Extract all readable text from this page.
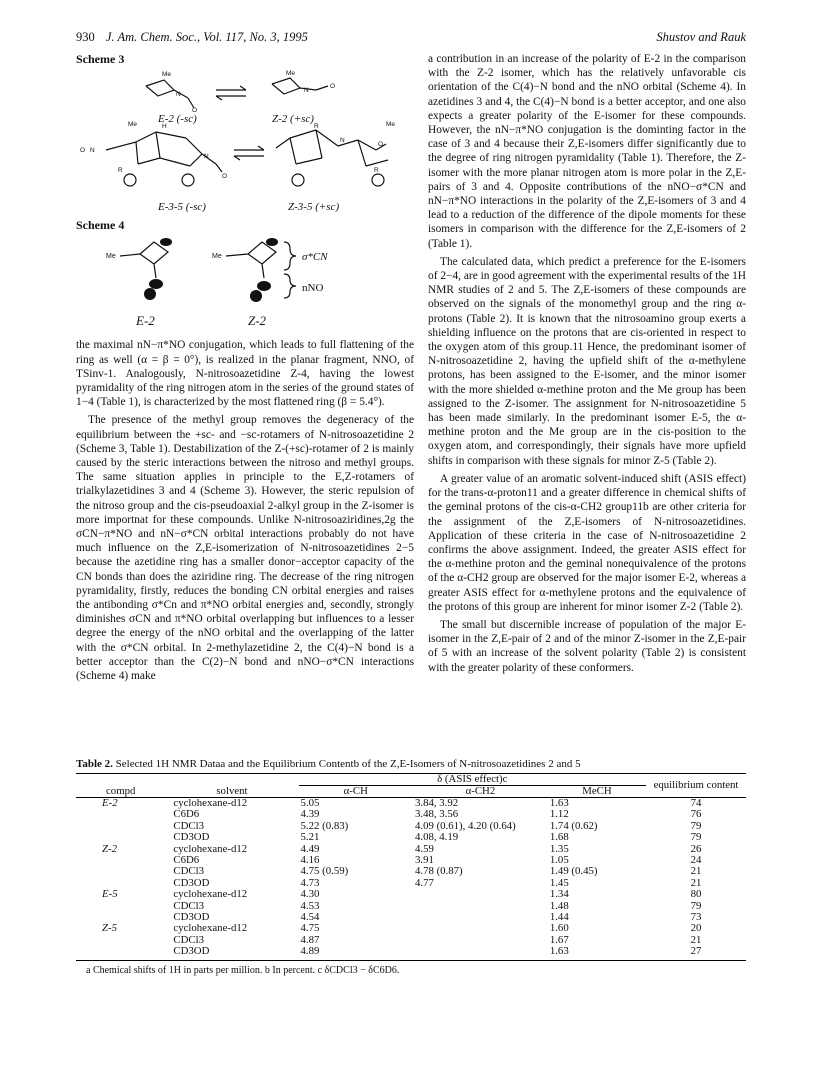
930 J. Am. Chem. Soc., Vol. 117, No. 3, 1995	Shustov and Rauk
Scheme 3
Me	Me
N
O
N
O
O N
N
O
Me	Me
N
O
R	R
H	R
E-2 (-sc)	Z-2 (+sc)
E-3-5 (-sc)	Z-3-5 (+sc)
Scheme 4
Me	Me	σ*CN
nNO
E-2	Z-2

the maximal nN−π*NO conjugation, which leads to full flattening of the ring as well (α = β = 0°), is realized in the planar fragment, NNO, of TSinv-1. Analogously, N-nitrosoazetidine Z-4, having the lowest pyramidality of the ring nitrogen atom in the series of the ground states of 1−4 (Table 1), is characterized by the most flattened ring (β = 5.4°).

The presence of the methyl group removes the degeneracy of the equilibrium between the +sc- and −sc-rotamers of N-nitrosoazetidine 2 (Scheme 3, Table 1). Destabilization of the Z-(+sc)-rotamer of 2 is mainly caused by the steric interactions between the nitroso and methyl groups. The same situation applies in principle to the E,Z-rotamers of trialkylazetidines 3 and 4 (Scheme 3). However, the steric repulsion of the nitroso group and the cis-pseudoaxial 2-alkyl group in the Z-isomer is more importnat for these compounds. Unlike N-nitrosoaziridines,2g the σCN−π*NO and nN−σ*CN orbital interactions probably do not have much influence on the Z,E-isomerization of N-nitrosoazetidines 2−5 because the azetidine ring has a smaller donor−acceptor capacity of the CN bonds than does the aziridine ring. The decrease of the ring nitrogen pyramidality, firstly, reduces the bonding CN orbital energies and raises the antibonding σ*Cn and π*NO orbital energies and, secondly, strongly diminishes σCN and π*NO orbital overlapping but influences to a lesser degree the energy of the nNO orbital and the overlapping of the latter with the σ*CN orbital. In 2-methylazetidine 2, the C(4)−N bond is a better acceptor than the C(2)−N bond and nNO−σ*CN interactions (Scheme 4) make

a contribution in an increase of the polarity of E-2 in the comparison with the Z-2 isomer, which has the relatively unfavorable cis orientation of the C(4)−N bond and the nNO orbital (Scheme 4). In azetidines 3 and 4, the C(4)−N bond is a better acceptor, and one also expects a greater polarity of the E-isomer for these compounds. However, the nN−π*NO conjugation is the dominting factor in the case of 3 and 4 because their Z,E-isomers differ significantly due to the degree of ring nitrogen pyramidality (Table 1). Therefore, the Z-isomer with the more planar nitrogen atom is more polar in the Z,E-pairs of 3 and 4. Opposite contributions of the nNO−σ*CN and nN−π*NO interactions in the polarity of the Z,E-isomers of 3 and 4 lead to a reduction of the difference of the dipole moments for these isomers in comparison with the difference for the Z,E-isomers of 2 (Table 1).

The calculated data, which predict a preference for the E-isomers of 2−4, are in good agreement with the experimental results of the 1H NMR studies of 2 and 5. The Z,E-isomers of these compounds are observed on the signals of the monomethyl group and the ring α-protons (Table 2). It is known that the nitrosoamino group exerts a shielding influence on the protons that are cis-oriented in respect to the oxygen atom of this group.11 Hence, the predominant isomer of N-nitrosoazetidine 2, having the upfield shift of the α-methylene protons, has been assigned to the E-isomer, and the minor isomer with the more shielded α-methine proton and the Me group has been assigned to the Z-isomer. The assignment for N-nitrosoazetidine 5 has been made similarly. In the predominant isomer E-5, the α-methine proton and the Me group are in the cis-position to the oxygen atom, and correspondingly, their signals have more upfield shifts in comparison with these signals for minor Z-5 (Table 2).

A greater value of an aromatic solvent-induced shift (ASIS effect) for the trans-α-proton11 and a greater difference in chemical shifts of the geminal protons of the cis-α-CH2 group11b are other criteria for the assignment of the Z,E-isomers of N-nitrosoazetidines. Application of these criteria in the case of N-nitrosoazetidine 2 confirms the above assignment. Indeed, the greater ASIS effect for the α-methine proton and the geminal nonequivalence of the protons of the α-CH2 group are observed for the major isomer E-2, whereas a greater ASIS effect for α-methylene protons and the equivalence of the protons of this group are inherent for minor isomer Z-2 (Table 2).

The small but discernible increase of population of the major E-isomer in the Z,E-pair of 2 and of the minor Z-isomer in the Z,E-pair of 5 with an increase of the solvent polarity (Table 2) is consistent with the greater polarity of these conformers.

Table 2. Selected 1H NMR Dataa and the Equilibrium Contentb of the Z,E-Isomers of N-nitrosoazetidines 2 and 5
		δ (ASIS effect)c			equilibrium content
compd	solvent	α-CH	α-CH2	MeCH	
E-2	cyclohexane-d12	5.05	3.84, 3.92	1.63	74
	C6D6	4.39	3.48, 3.56	1.12	76
	CDCl3	5.22 (0.83)	4.09 (0.61), 4.20 (0.64)	1.74 (0.62)	79
	CD3OD	5.21	4.08, 4.19	1.68	79
Z-2	cyclohexane-d12	4.49	4.59	1.35	26
	C6D6	4.16	3.91	1.05	24
	CDCl3	4.75 (0.59)	4.78 (0.87)	1.49 (0.45)	21
	CD3OD	4.73	4.77	1.45	21
E-5	cyclohexane-d12	4.30		1.34	80
	CDCl3	4.53		1.48	79
	CD3OD	4.54		1.44	73
Z-5	cyclohexane-d12	4.75		1.60	20
	CDCl3	4.87		1.67	21
	CD3OD	4.89		1.63	27
a Chemical shifts of 1H in parts per million. b In percent. c δCDCl3 − δC6D6.
